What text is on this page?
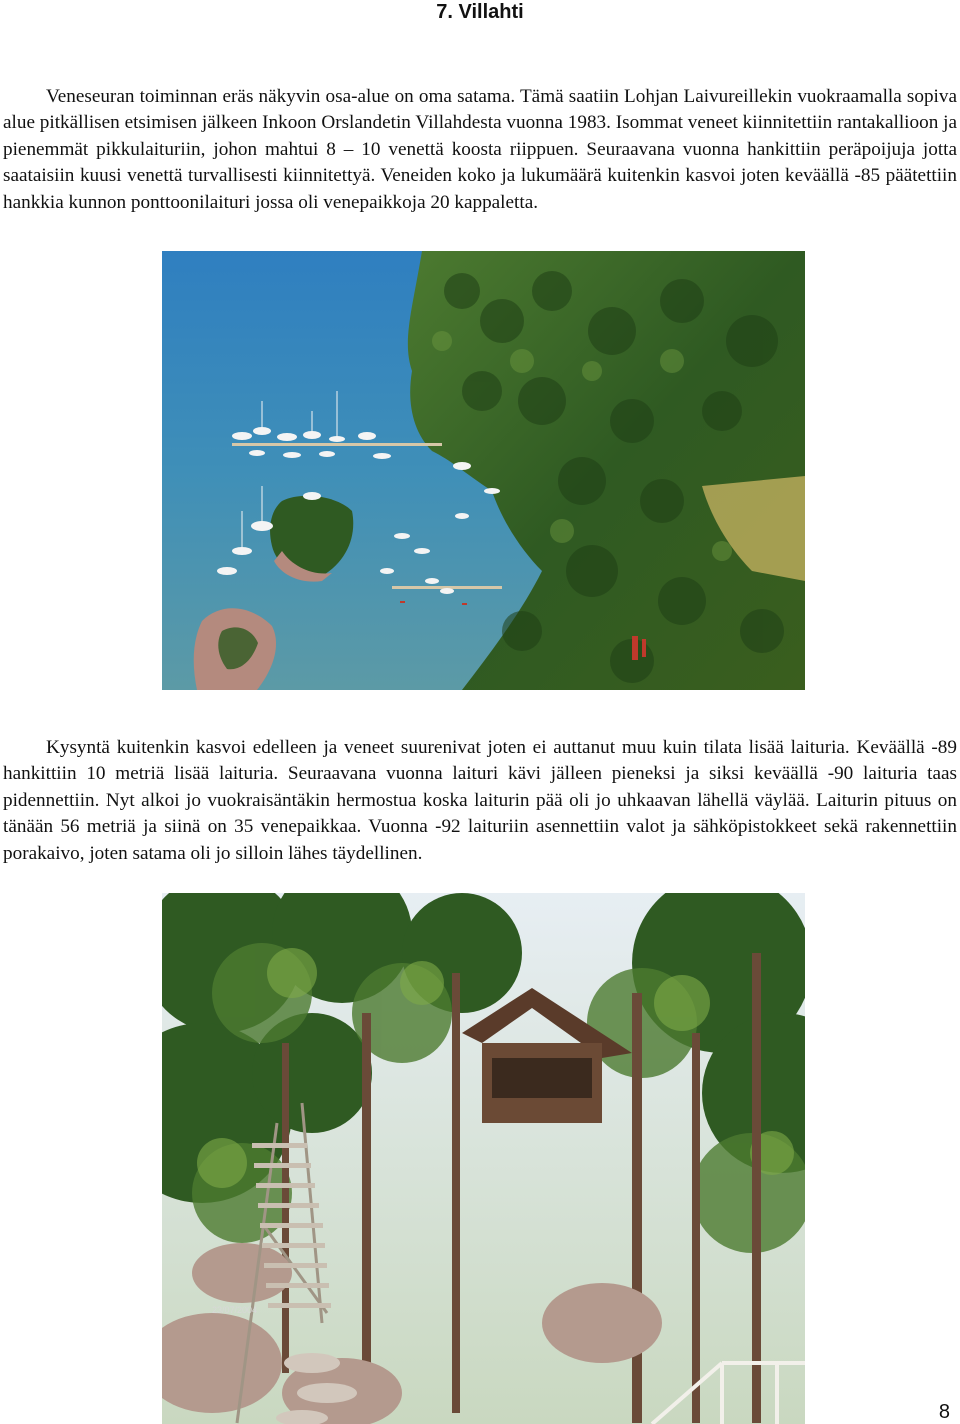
7. Villahti

Veneseuran toiminnan eräs näkyvin osa-alue on oma satama. Tämä saatiin Lohjan Laivureillekin vuokraamalla sopiva alue pitkällisen etsimisen jälkeen Inkoon Orslandetin Villahdesta vuonna 1983. Isommat veneet kiinnitettiin rantakallioon ja pienemmät pikkulaituriin, johon mahtui 8 – 10 venettä koosta riippuen. Seuraavana vuonna hankittiin peräpoijuja jotta saataisiin kuusi venettä turvallisesti kiinnitettyä. Veneiden koko ja lukumäärä kuitenkin kasvoi joten keväällä -85 päätettiin hankkia kunnon ponttoonilaituri jossa oli venepaikkoja 20 kappaletta.

Kysyntä kuitenkin kasvoi edelleen ja veneet suurenivat joten ei auttanut muu kuin tilata lisää laituria. Keväällä -89 hankittiin 10 metriä lisää laituria. Seuraavana vuonna laituri kävi jälleen pieneksi ja siksi keväällä -90 laituria taas pidennettiin. Nyt alkoi jo vuokraisäntäkin hermostua koska laiturin pää oli jo uhkaavan lähellä väylää. Laiturin pituus on tänään 56 metriä ja siinä on 35 venepaikkaa. Vuonna -92 laituriin asennettiin valot ja sähköpistokkeet sekä rakennettiin porakaivo, joten satama oli jo silloin lähes täydellinen.

23/07/2004
8
